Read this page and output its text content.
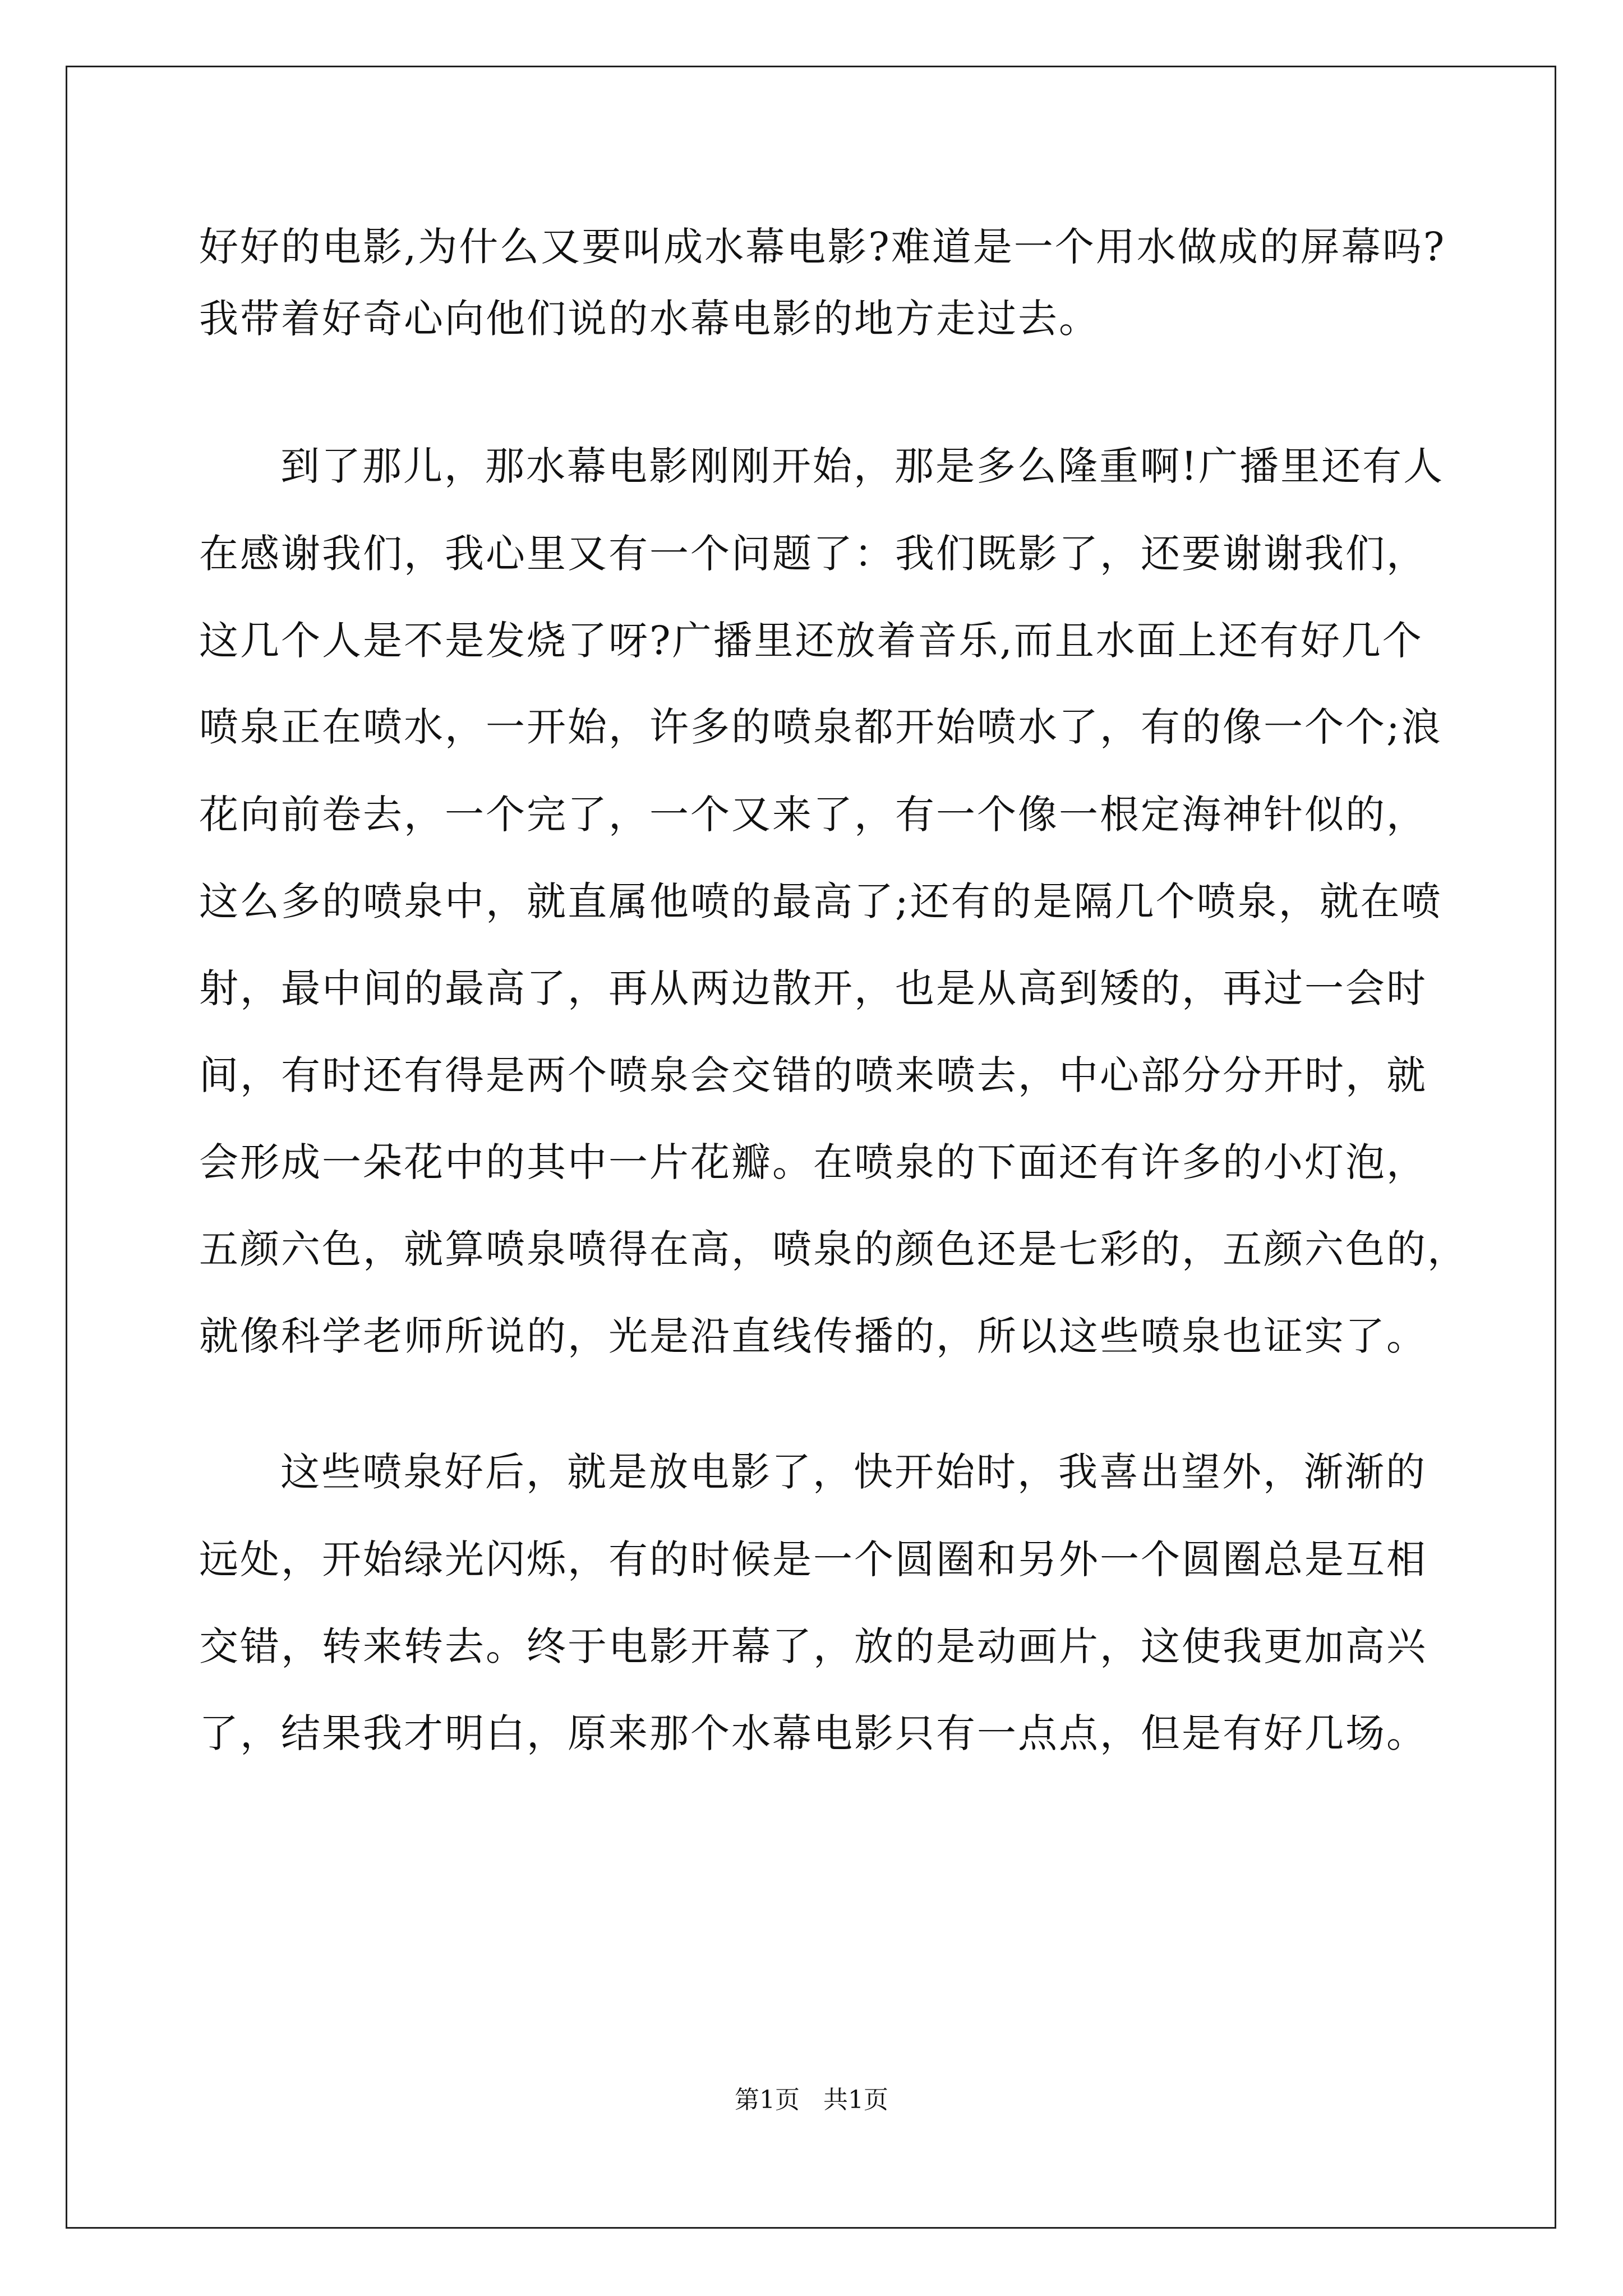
好好的电影,为什么又要叫成水幕电影?难道是一个用水做成的屏幕吗?
我带着好奇心向他们说的水幕电影的地方走过去。
到了那儿，那水幕电影刚刚开始，那是多么隆重啊!广播里还有人
在感谢我们，我心里又有一个问题了：我们既影了，还要谢谢我们，
这几个人是不是发烧了呀?广播里还放着音乐,而且水面上还有好几个
喷泉正在喷水，一开始，许多的喷泉都开始喷水了，有的像一个个;浪
花向前卷去，一个完了，一个又来了，有一个像一根定海神针似的，
这么多的喷泉中，就直属他喷的最高了;还有的是隔几个喷泉，就在喷
射，最中间的最高了，再从两边散开，也是从高到矮的，再过一会时
间，有时还有得是两个喷泉会交错的喷来喷去，中心部分分开时，就
会形成一朵花中的其中一片花瓣。在喷泉的下面还有许多的小灯泡，
五颜六色，就算喷泉喷得在高，喷泉的颜色还是七彩的，五颜六色的，
就像科学老师所说的，光是沿直线传播的，所以这些喷泉也证实了。
这些喷泉好后，就是放电影了，快开始时，我喜出望外，渐渐的
远处，开始绿光闪烁，有的时候是一个圆圈和另外一个圆圈总是互相
交错，转来转去。终于电影开幕了，放的是动画片，这使我更加高兴
了，结果我才明白，原来那个水幕电影只有一点点，但是有好几场。
第1页   共1页
